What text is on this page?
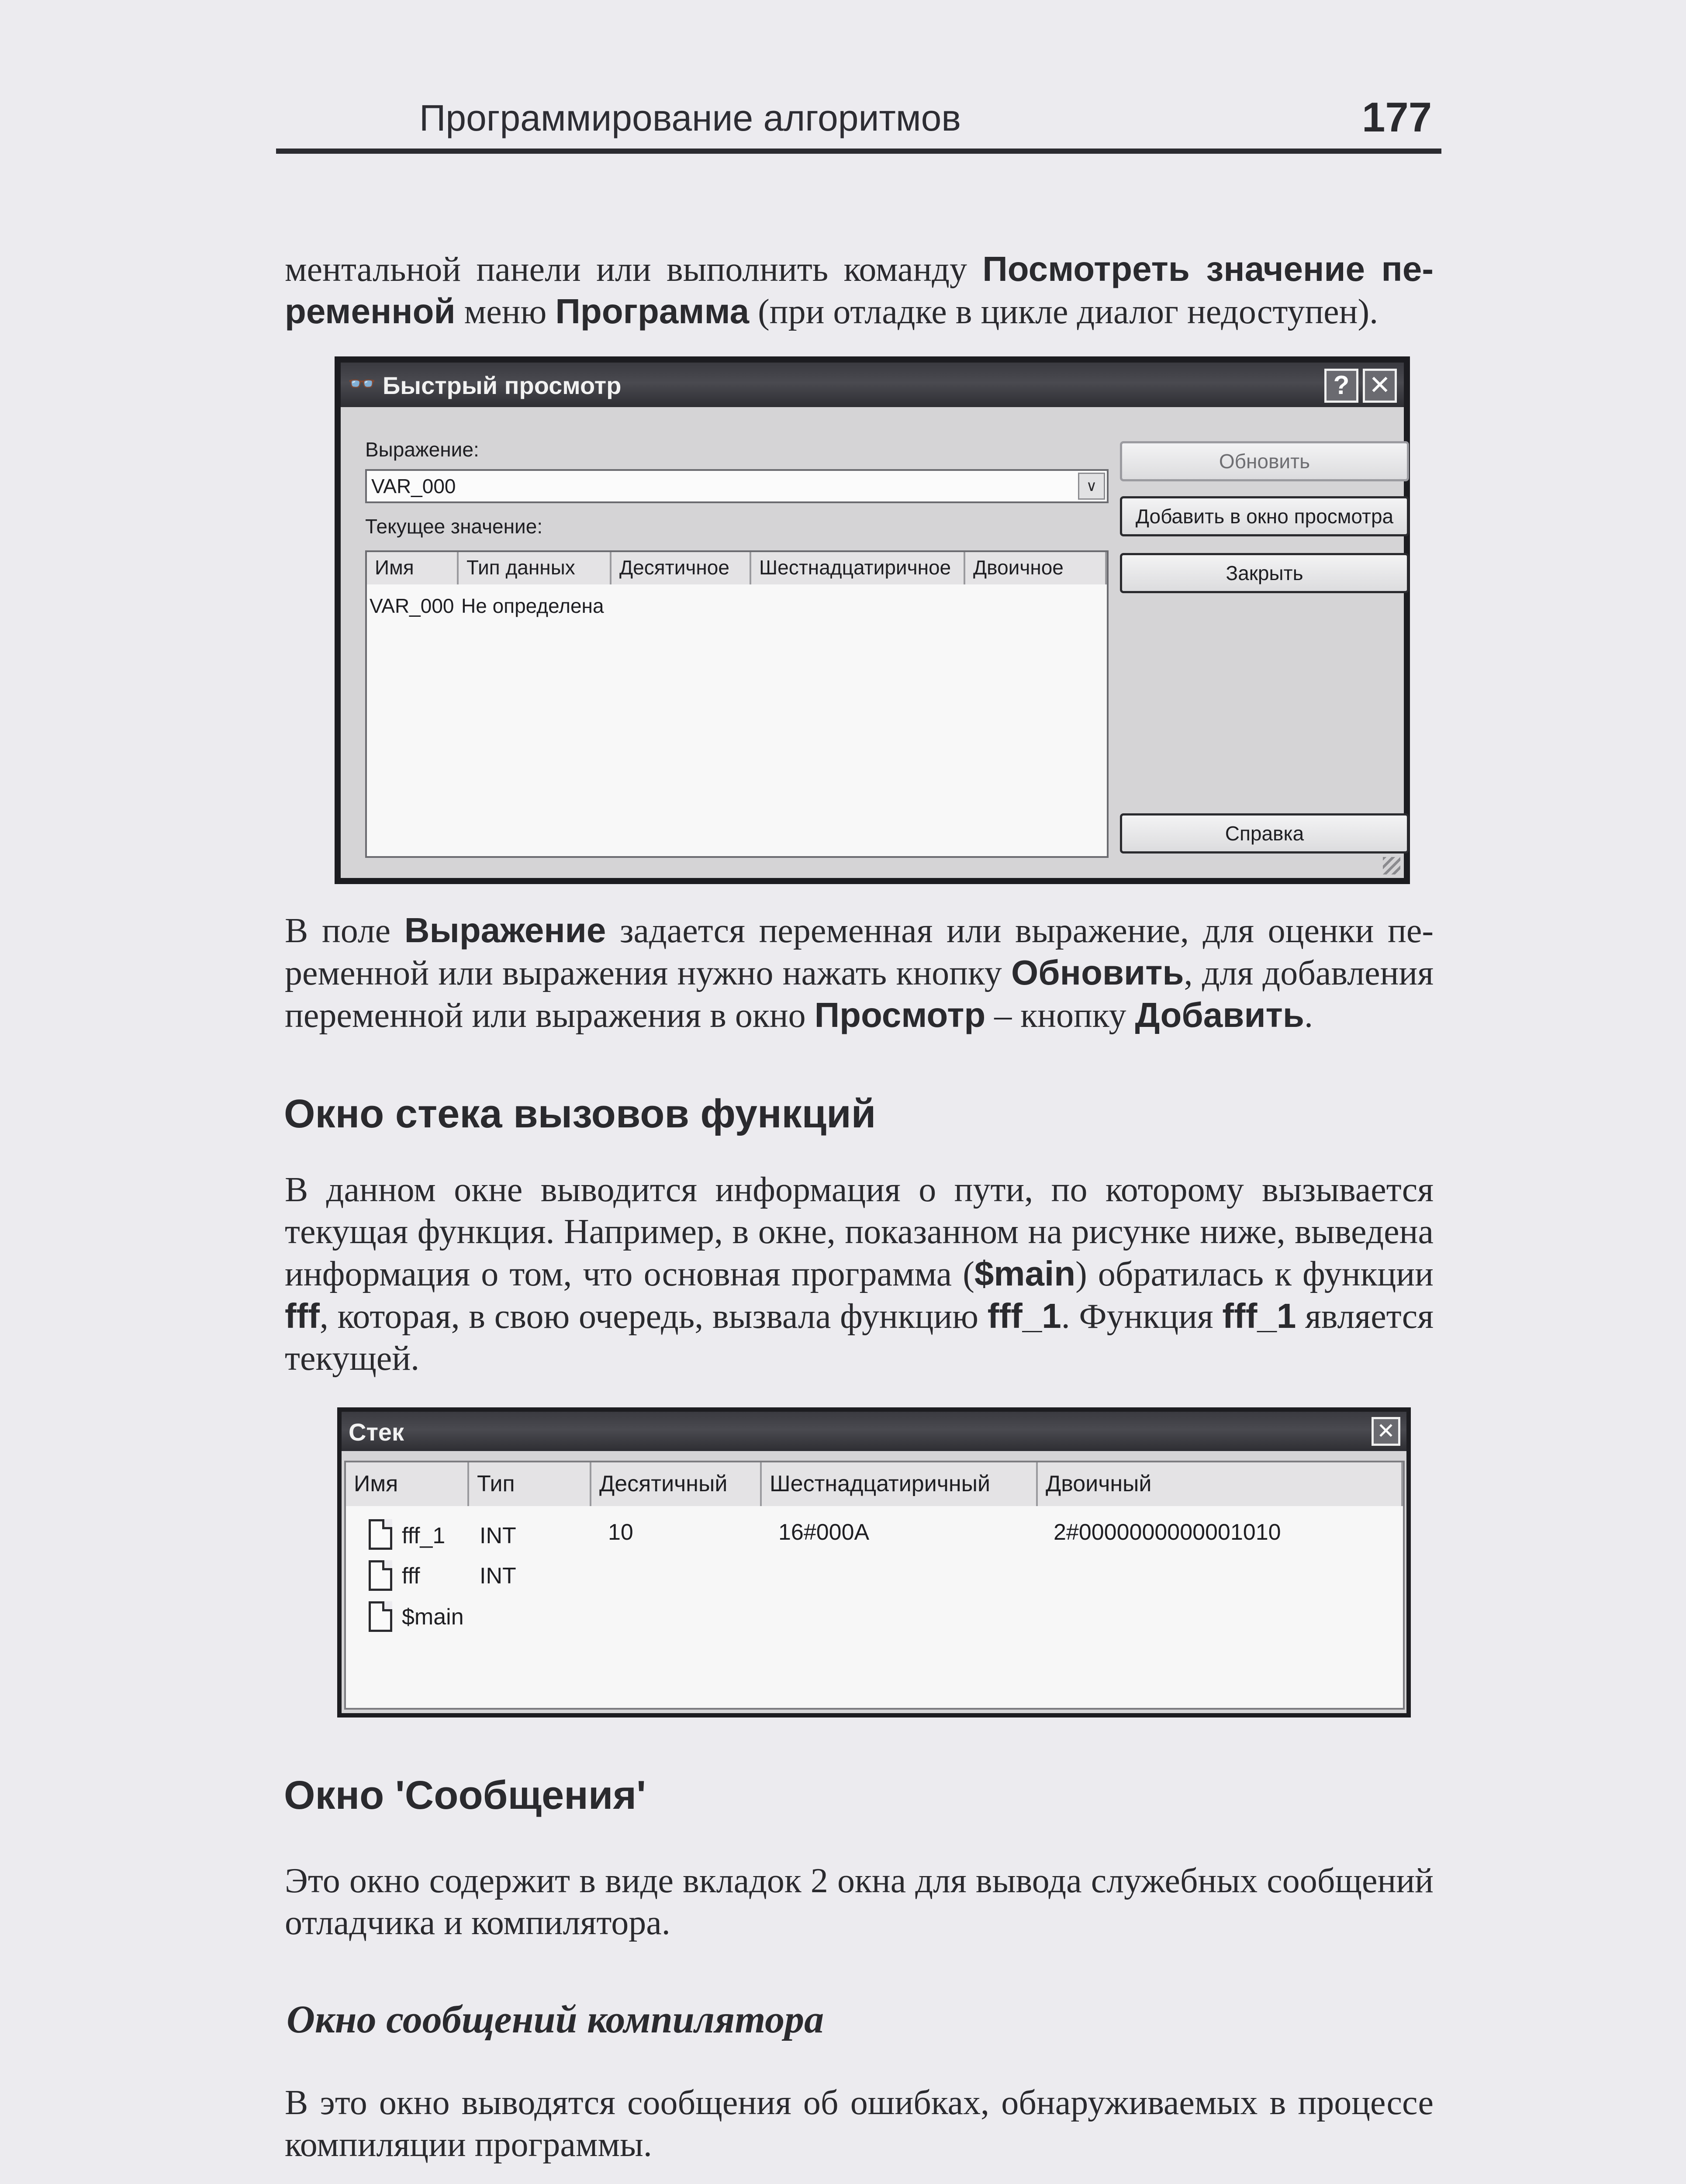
Программирование алгоритмов	177
ментальной панели или выполнить команду Посмотреть значение переменной меню Программа (при отладке в цикле диалог недоступен).
👓 Быстрый просмотр	? ✕
Выражение:
VAR_000	∨
Текущее значение:
Имя	Тип данных	Десятичное	Шестнадцатиричное	Двоичное
VAR_000 Не определена
Обновить
Добавить в окно просмотра
Закрыть
Справка
В поле Выражение задается переменная или выражение, для оценки переменной или выражения нужно нажать кнопку Обновить, для добавления переменной или выражения в окно Просмотр – кнопку Добавить.
Окно стека вызовов функций
В данном окне выводится информация о пути, по которому вызывается текущая функция. Например, в окне, показанном на рисунке ниже, выведена информация о том, что основная программа ($main) обратилась к функции fff, которая, в свою очередь, вызвала функцию fff_1. Функция fff_1 является текущей.
Стек	✕
Имя	Тип	Десятичный	Шестнадцатиричный	Двоичный
fff_1 INT	10	16#000A	2#0000000000001010
fff	INT
$main
Окно 'Сообщения'
Это окно содержит в виде вкладок 2 окна для вывода служебных сообщений отладчика и компилятора.
Окно сообщений компилятора
В это окно выводятся сообщения об ошибках, обнаруживаемых в процессе компиляции программы.
